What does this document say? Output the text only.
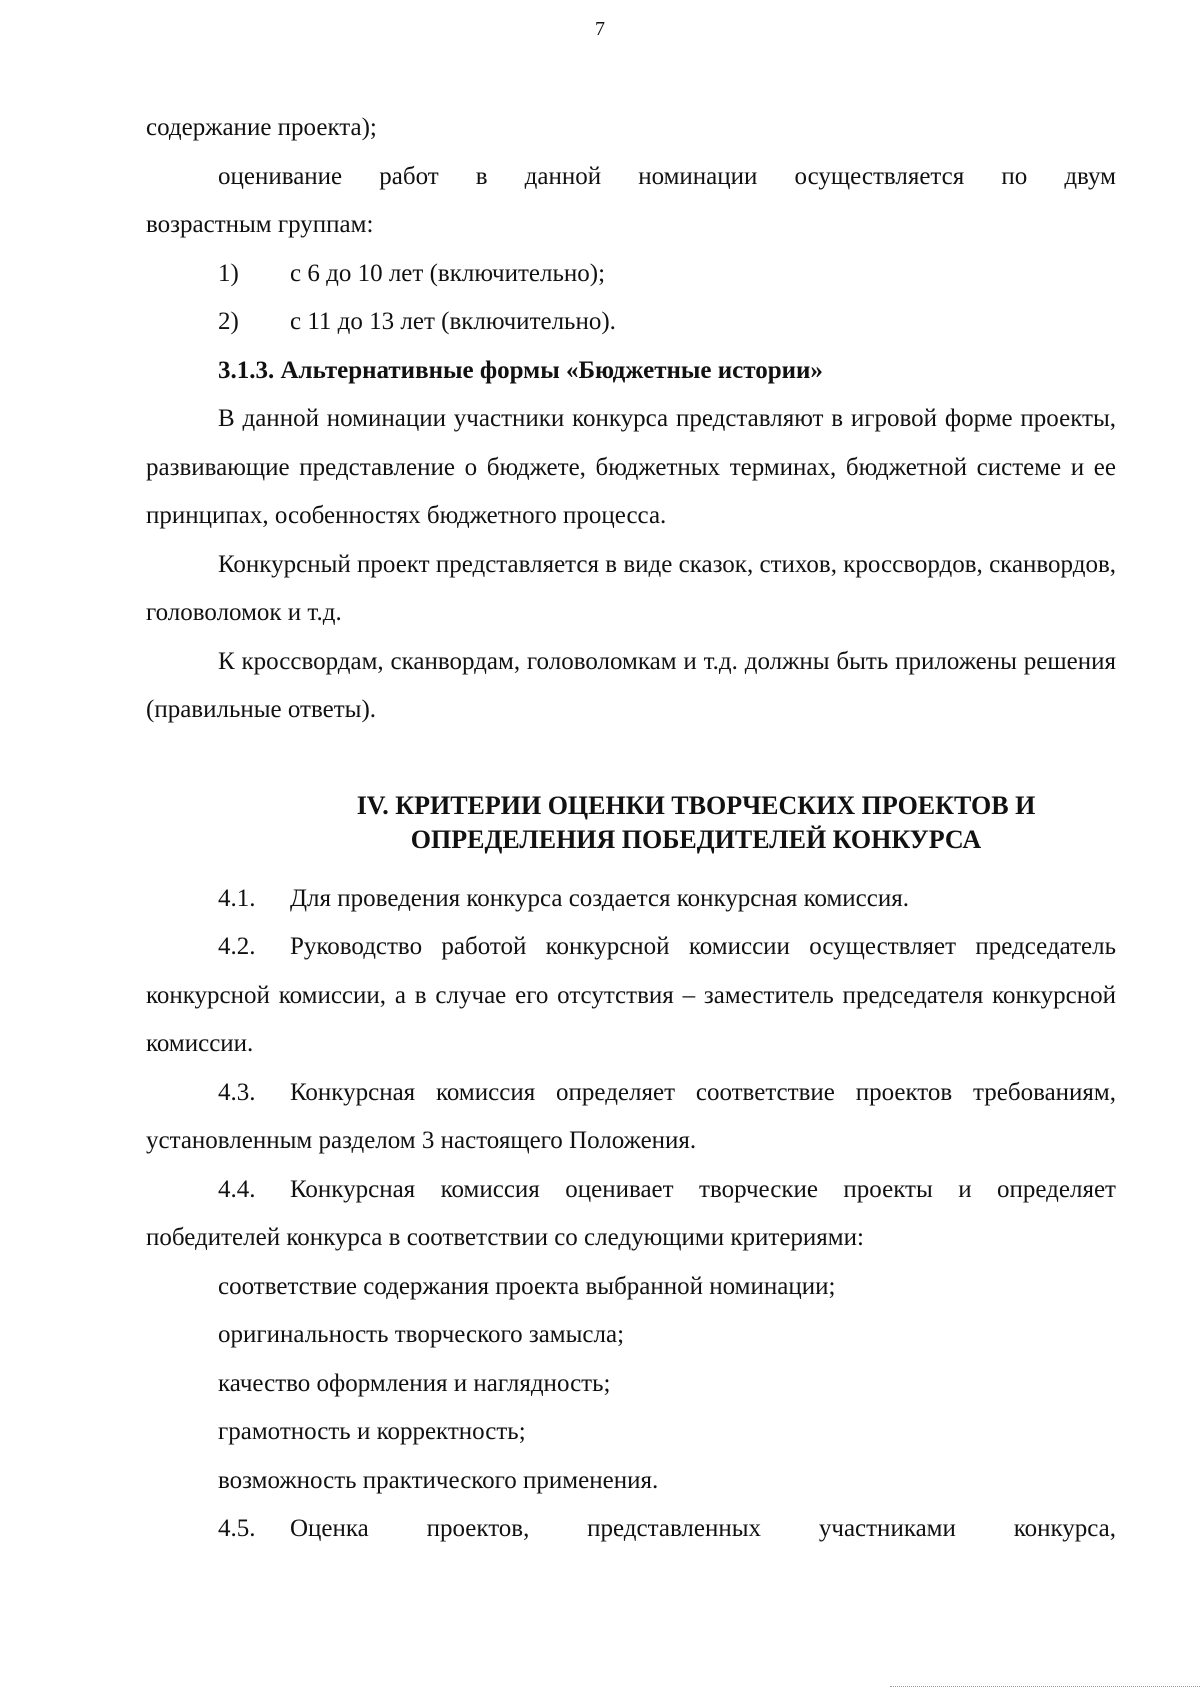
7

содержание проекта);

оценивание работ в данной номинации осуществляется по двум

возрастным группам:

1) с 6 до 10 лет (включительно);

2) с 11 до 13 лет (включительно).

3.1.3. Альтернативные формы «Бюджетные истории»

В данной номинации участники конкурса представляют в игровой форме проекты, развивающие представление о бюджете, бюджетных терминах, бюджетной системе и ее принципах, особенностях бюджетного процесса.

Конкурсный проект представляется в виде сказок, стихов, кроссвордов, сканвордов, головоломок и т.д.

К кроссвордам, сканвордам, головоломкам и т.д. должны быть приложены решения (правильные ответы).

IV. КРИТЕРИИ ОЦЕНКИ ТВОРЧЕСКИХ ПРОЕКТОВ И
ОПРЕДЕЛЕНИЯ ПОБЕДИТЕЛЕЙ КОНКУРСА

4.1. Для проведения конкурса создается конкурсная комиссия.

4.2. Руководство работой конкурсной комиссии осуществляет председатель конкурсной комиссии, а в случае его отсутствия – заместитель председателя конкурсной комиссии.

4.3. Конкурсная комиссия определяет соответствие проектов требованиям, установленным разделом 3 настоящего Положения.

4.4. Конкурсная комиссия оценивает творческие проекты и определяет победителей конкурса в соответствии со следующими критериями:

соответствие содержания проекта выбранной номинации;

оригинальность творческого замысла;

качество оформления и наглядность;

грамотность и корректность;

возможность практического применения.

4.5. Оценка проектов, представленных участниками конкурса,
